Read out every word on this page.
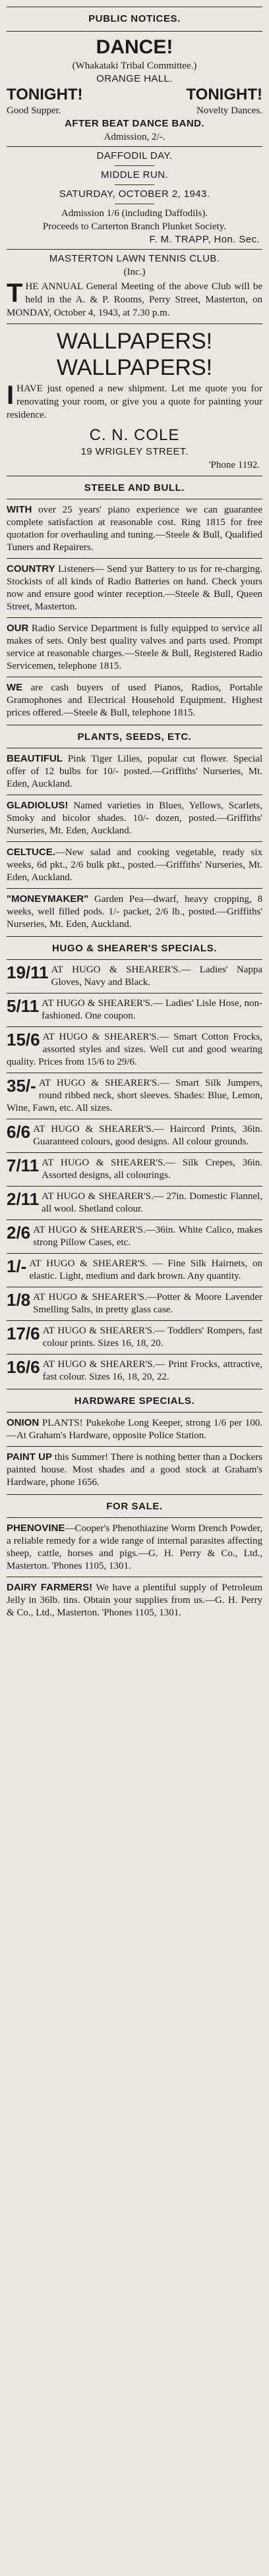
PUBLIC NOTICES.
DANCE!
(Whakataki Tribal Committee.)
ORANGE HALL.
TONIGHT!	TONIGHT!
Good Supper.	Novelty Dances.
AFTER BEAT DANCE BAND.
Admission, 2/-.
DAFFODIL DAY.
MIDDLE RUN.
SATURDAY, OCTOBER 2, 1943.
Admission 1/6 (including Daffodils).
Proceeds to Carterton Branch Plunket Society.
F. M. TRAPP, Hon. Sec.
MASTERTON LAWN TENNIS CLUB.
(Inc.)
T HE ANNUAL General Meeting of the above Club will be held in the A. & P. Rooms, Perry Street, Masterton, on MONDAY, October 4, 1943, at 7.30 p.m.
WALLPAPERS!
WALLPAPERS!
I HAVE just opened a new shipment. Let me quote you for renovating your room, or give you a quote for painting your residence.
C. N. COLE
19 WRIGLEY STREET.
'Phone 1192.
STEELE AND BULL.
WITH over 25 years' piano experience we can guarantee complete satisfaction at reasonable cost. Ring 1815 for free quotation for overhauling and tuning.—Steele & Bull, Qualified Tuners and Repairers.
COUNTRY Listeners— Send yur Battery to us for re-charging. Stockists of all kinds of Radio Batteries on hand. Check yours now and ensure good winter reception.—Steele & Bull, Queen Street, Masterton.
OUR Radio Service Department is fully equipped to service all makes of sets. Only best quality valves and parts used. Prompt service at reasonable charges.—Steele & Bull, Registered Radio Servicemen, telephone 1815.
WE are cash buyers of used Pianos, Radios, Portable Gramophones and Electrical Household Equipment. Highest prices offered.—Steele & Bull, telephone 1815.
PLANTS, SEEDS, ETC.
BEAUTIFUL Pink Tiger Lilies, popular cut flower. Special offer of 12 bulbs for 10/- posted.—Griffiths' Nurseries, Mt. Eden, Auckland.
GLADIOLUS! Named varieties in Blues, Yellows, Scarlets, Smoky and bicolor shades. 10/- dozen, posted.—Griffiths' Nurseries, Mt. Eden, Auckland.
CELTUCE.—New salad and cooking vegetable, ready six weeks, 6d pkt., 2/6 bulk pkt., posted.—Griffiths' Nurseries, Mt. Eden, Auckland.
"MONEYMAKER" Garden Pea—dwarf, heavy cropping, 8 weeks, well filled pods. 1/- packet, 2/6 lb., posted.—Griffiths' Nurseries, Mt. Eden, Auckland.
HUGO & SHEARER'S SPECIALS.
19/11 AT HUGO & SHEARER'S.— Ladies' Nappa Gloves, Navy and Black.
5/11 AT HUGO & SHEARER'S.— Ladies' Lisle Hose, non-fashioned. One coupon.
15/6 AT HUGO & SHEARER'S.— Smart Cotton Frocks, assorted styles and sizes. Well cut and good wearing quality. Prices from 15/6 to 29/6.
35/- AT HUGO & SHEARER'S.— Smart Silk Jumpers, round ribbed neck, short sleeves. Shades: Blue, Lemon, Wine, Fawn, etc. All sizes.
6/6 AT HUGO & SHEARER'S.— Haircord Prints, 36in. Guaranteed colours, good designs. All colour grounds.
7/11 AT HUGO & SHEARER'S.— Silk Crepes, 36in. Assorted designs, all colourings.
2/11 AT HUGO & SHEARER'S.— 27in. Domestic Flannel, all wool. Shetland colour.
2/6 AT HUGO & SHEARER'S.—36in. White Calico, makes strong Pillow Cases, etc.
1/- AT HUGO & SHEARER'S. — Fine Silk Hairnets, on elastic. Light, medium and dark brown. Any quantity.
1/8 AT HUGO & SHEARER'S.—Potter & Moore Lavender Smelling Salts, in pretty glass case.
17/6 AT HUGO & SHEARER'S.— Toddlers' Rompers, fast colour prints. Sizes 16, 18, 20.
16/6 AT HUGO & SHEARER'S.— Print Frocks, attractive, fast colour. Sizes 16, 18, 20, 22.
HARDWARE SPECIALS.
ONION PLANTS! Pukekohe Long Keeper, strong 1/6 per 100.—At Graham's Hardware, opposite Police Station.
PAINT UP this Summer! There is nothing better than a Dockers painted house. Most shades and a good stock at Graham's Hardware, phone 1656.
FOR SALE.
PHENOVINE—Cooper's Phenothiazine Worm Drench Powder, a reliable remedy for a wide range of internal parasites affecting sheep, cattle, horses and pigs.—G. H. Perry & Co., Ltd., Masterton. 'Phones 1105, 1301.
DAIRY FARMERS! We have a plentiful supply of Petroleum Jelly in 36lb. tins. Obtain your supplies from us.—G. H. Perry & Co., Ltd., Masterton. 'Phones 1105, 1301.
